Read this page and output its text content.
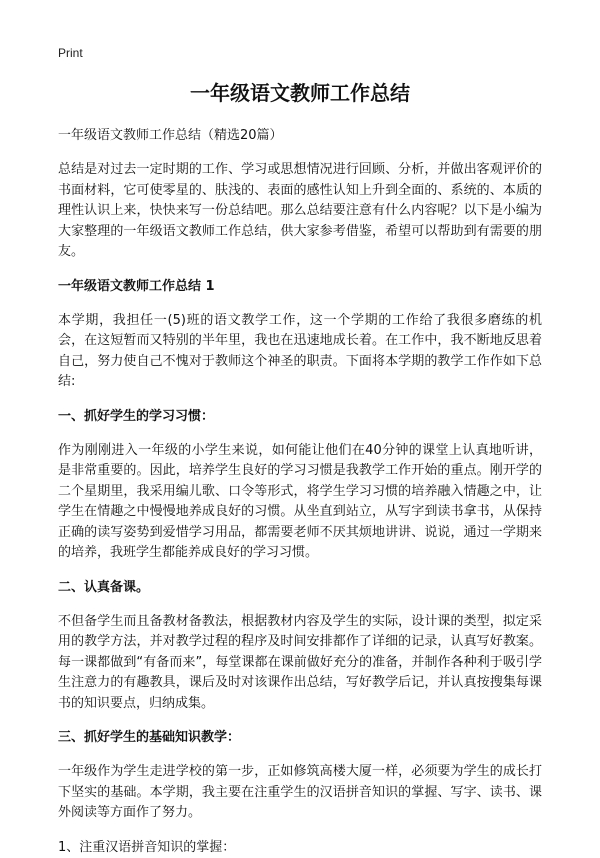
Print
一年级语文教师工作总结
一年级语文教师工作总结（精选20篇）

总结是对过去一定时期的工作、学习或思想情况进行回顾、分析，并做出客观评价的书面材料，它可使零星的、肤浅的、表面的感性认知上升到全面的、系统的、本质的理性认识上来，快快来写一份总结吧。那么总结要注意有什么内容呢？以下是小编为大家整理的一年级语文教师工作总结，供大家参考借鉴，希望可以帮助到有需要的朋友。

一年级语文教师工作总结 1

本学期，我担任一(5)班的语文教学工作，这一个学期的工作给了我很多磨练的机会，在这短暂而又特别的半年里，我也在迅速地成长着。在工作中，我不断地反思着自己，努力使自己不愧对于教师这个神圣的职责。下面将本学期的教学工作作如下总结:

一、抓好学生的学习习惯：

作为刚刚进入一年级的小学生来说，如何能让他们在40分钟的课堂上认真地听讲，是非常重要的。因此，培养学生良好的学习习惯是我教学工作开始的重点。刚开学的二个星期里，我采用编儿歌、口令等形式，将学生学习习惯的培养融入情趣之中，让学生在情趣之中慢慢地养成良好的习惯。从坐直到站立，从写字到读书拿书，从保持正确的读写姿势到爱惜学习用品，都需要老师不厌其烦地讲讲、说说，通过一学期来的培养，我班学生都能养成良好的学习习惯。

二、认真备课。

不但备学生而且备教材备教法，根据教材内容及学生的实际，设计课的类型，拟定采用的教学方法，并对教学过程的程序及时间安排都作了详细的记录，认真写好教案。每一课都做到“有备而来”，每堂课都在课前做好充分的准备，并制作各种利于吸引学生注意力的有趣教具，课后及时对该课作出总结，写好教学后记，并认真按搜集每课书的知识要点，归纳成集。

三、抓好学生的基础知识教学：

一年级作为学生走进学校的第一步，正如修筑高楼大厦一样，必须要为学生的成长打下坚实的基础。本学期，我主要在注重学生的汉语拼音知识的掌握、写字、读书、课外阅读等方面作了努力。

1、注重汉语拼音知识的掌握：
